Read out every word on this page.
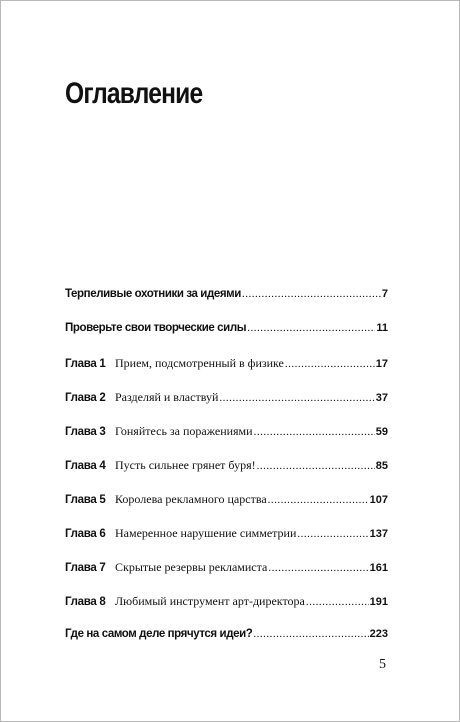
Оглавление
Терпеливые охотники за идеями .....	7
Проверьте свои творческие силы .....	11
Глава 1 Прием, подсмотренный в физике .....	17
Глава 2 Разделяй и властвуй .....	37
Глава 3 Гоняйтесь за поражениями .....	59
Глава 4 Пусть сильнее грянет буря! .....	85
Глава 5 Королева рекламного царства .....	107
Глава 6 Намеренное нарушение симметрии .....	137
Глава 7 Скрытые резервы рекламиста .....	161
Глава 8 Любимый инструмент арт-директора .....	191
Где на самом деле прячутся идеи? .....	223
5
